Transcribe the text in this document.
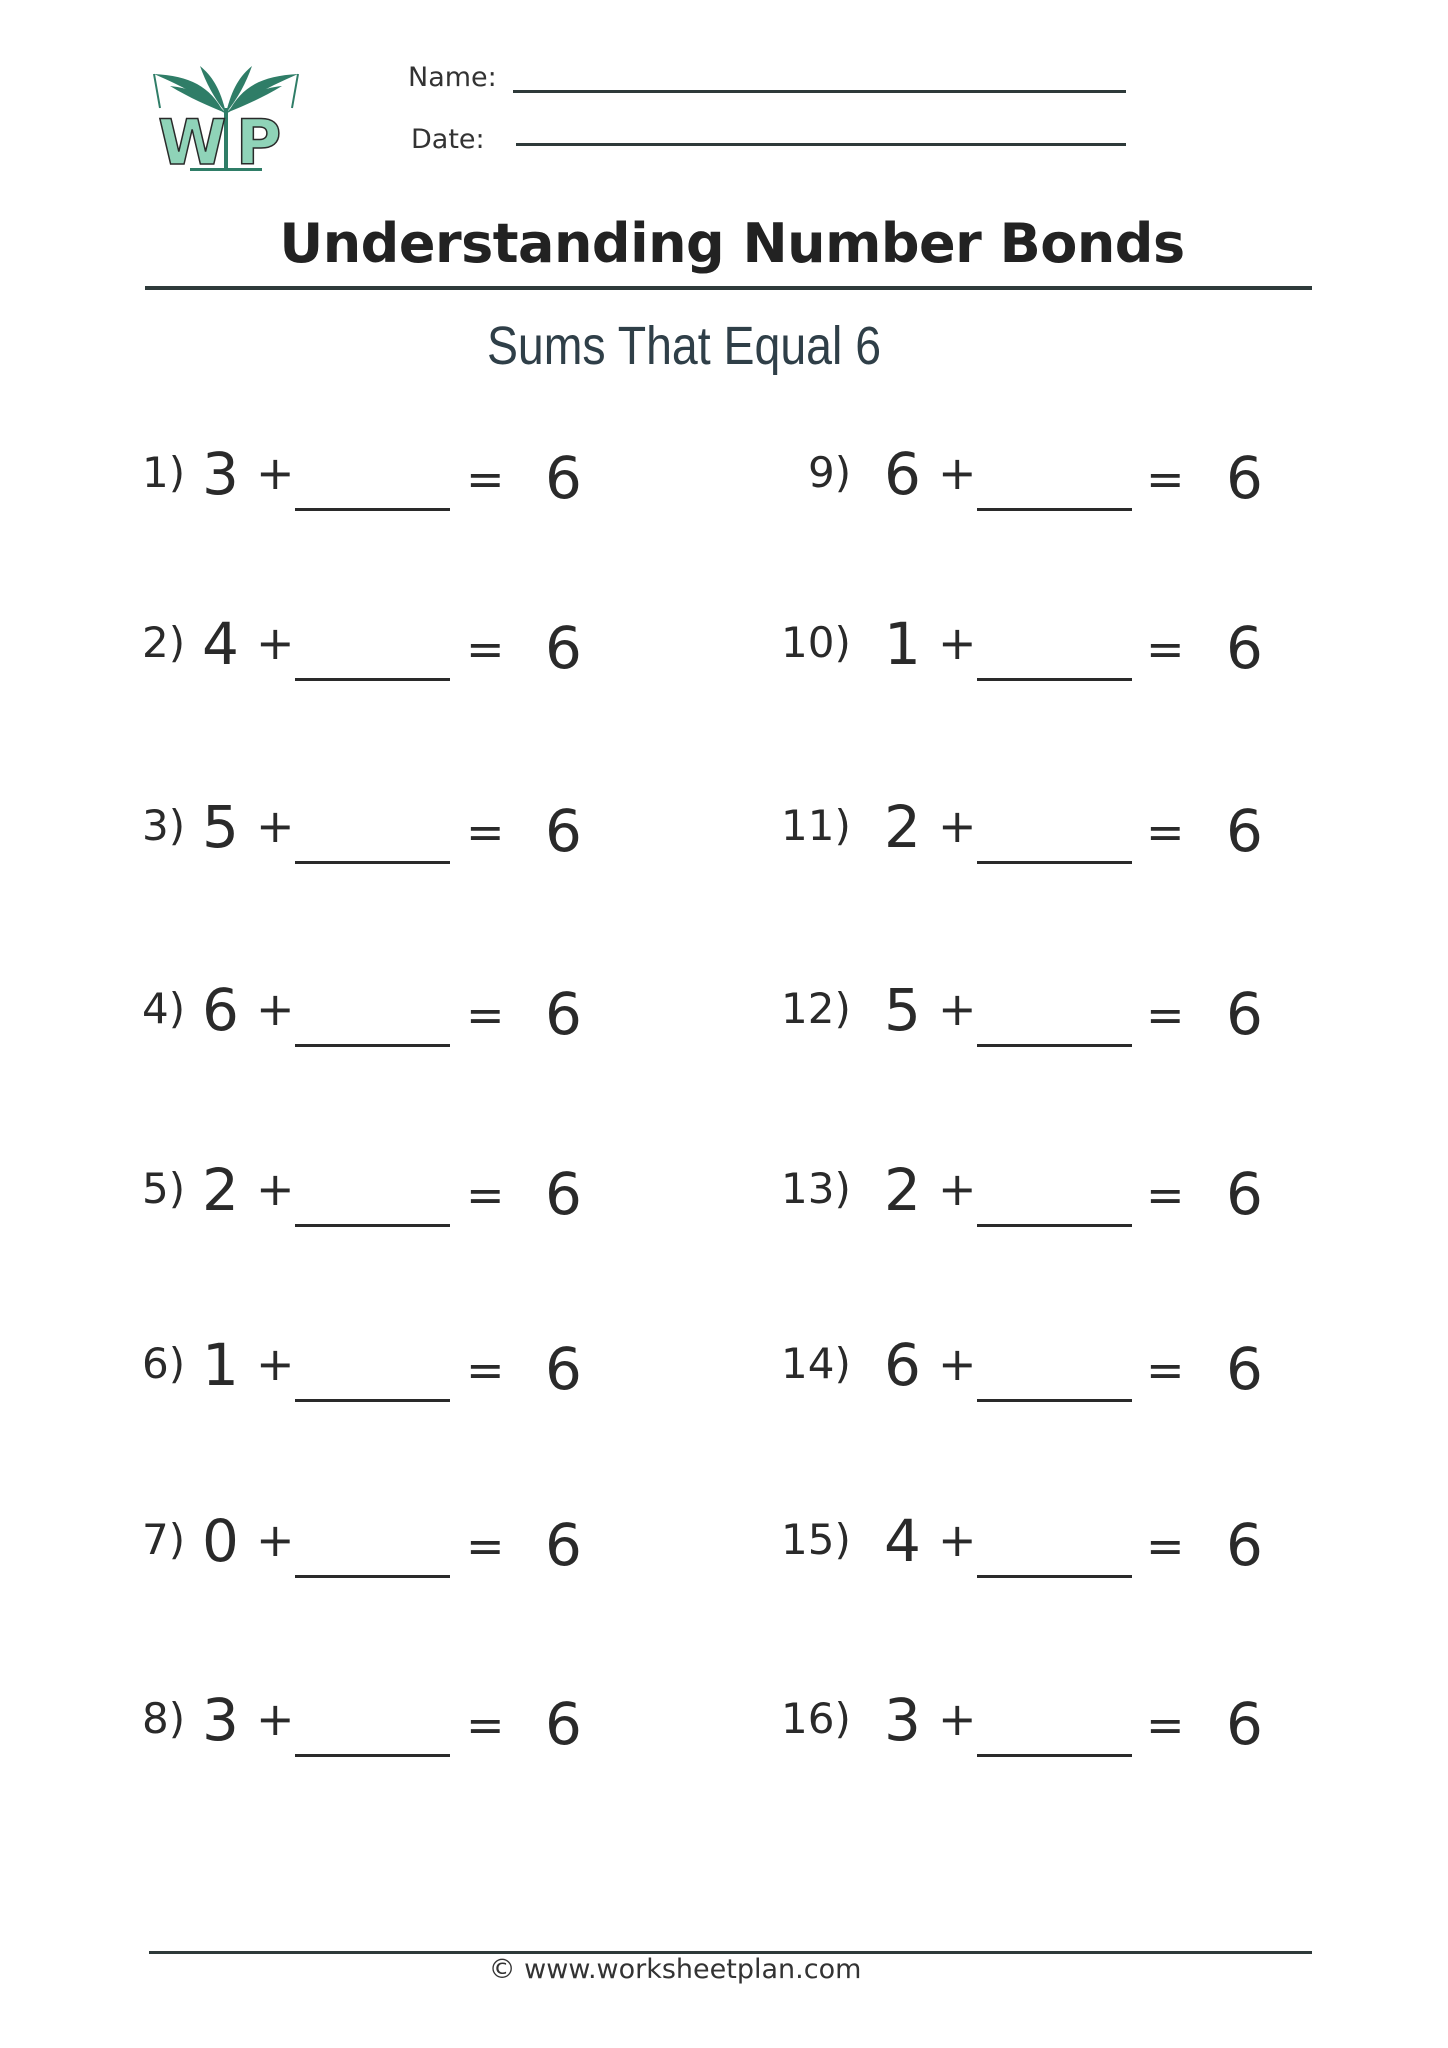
W P
Name:
Date:
Understanding Number Bonds
Sums That Equal 6
1) 3 +	= 6
2) 4 +	= 6
3) 5 +	= 6
4) 6 +	= 6
5) 2 +	= 6
6) 1 +	= 6
7) 0 +	= 6
8) 3 +	= 6
9) 6 +	= 6
10) 1 +	= 6
11) 2 +	= 6
12) 5 +	= 6
13) 2 +	= 6
14) 6 +	= 6
15) 4 +	= 6
16) 3 +	= 6
© www.worksheetplan.com
